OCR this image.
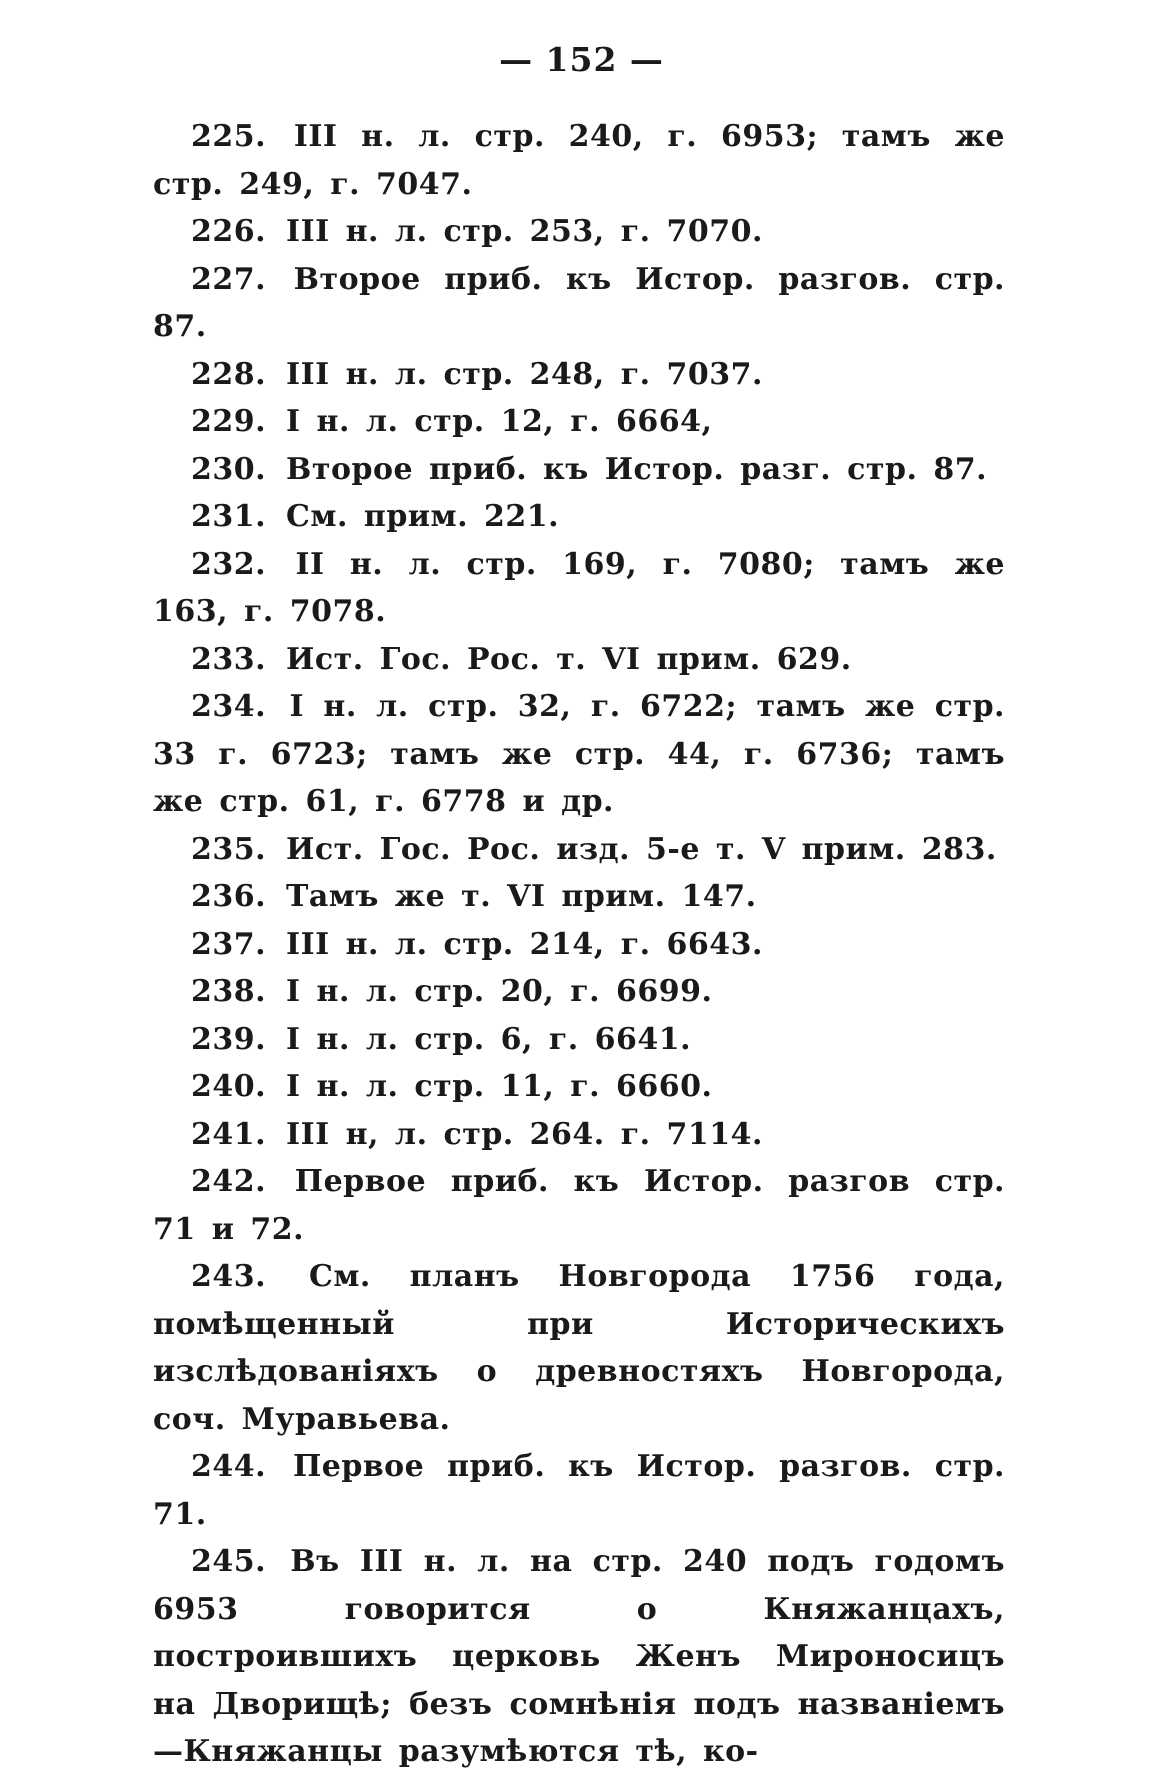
— 152 —
225. III н. л. стр. 240, г. 6953; тамъ же стр. 249, г. 7047.
226. III н. л. стр. 253, г. 7070.
227. Второе приб. къ Истор. разгов. стр. 87.
228. III н. л. стр. 248, г. 7037.
229. I н. л. стр. 12, г. 6664,
230. Второе приб. къ Истор. разг. стр. 87.
231. См. прим. 221.
232. II н. л. стр. 169, г. 7080; тамъ же 163, г. 7078.
233. Ист. Гос. Рос. т. VI прим. 629.
234. I н. л. стр. 32, г. 6722; тамъ же стр. 33 г. 6723; тамъ же стр. 44, г. 6736; тамъ же стр. 61, г. 6778 и др.
235. Ист. Гос. Рос. изд. 5-е т. V прим. 283.
236. Тамъ же т. VI прим. 147.
237. III н. л. стр. 214, г. 6643.
238. I н. л. стр. 20, г. 6699.
239. I н. л. стр. 6, г. 6641.
240. I н. л. стр. 11, г. 6660.
241. III н, л. стр. 264. г. 7114.
242. Первое приб. къ Истор. разгов стр. 71 и 72.
243. См. планъ Новгорода 1756 года, помѣщенный при Историческихъ изслѣдованіяхъ о древностяхъ Новгорода, соч. Муравьева.
244. Первое приб. къ Истор. разгов. стр. 71.
245. Въ III н. л. на стр. 240 подъ годомъ 6953 говорится о Княжанцахъ, построившихъ церковь Женъ Мироносицъ на Дворищѣ; безъ сомнѣнія подъ названіемъ—Княжанцы разумѣются тѣ, ко-
